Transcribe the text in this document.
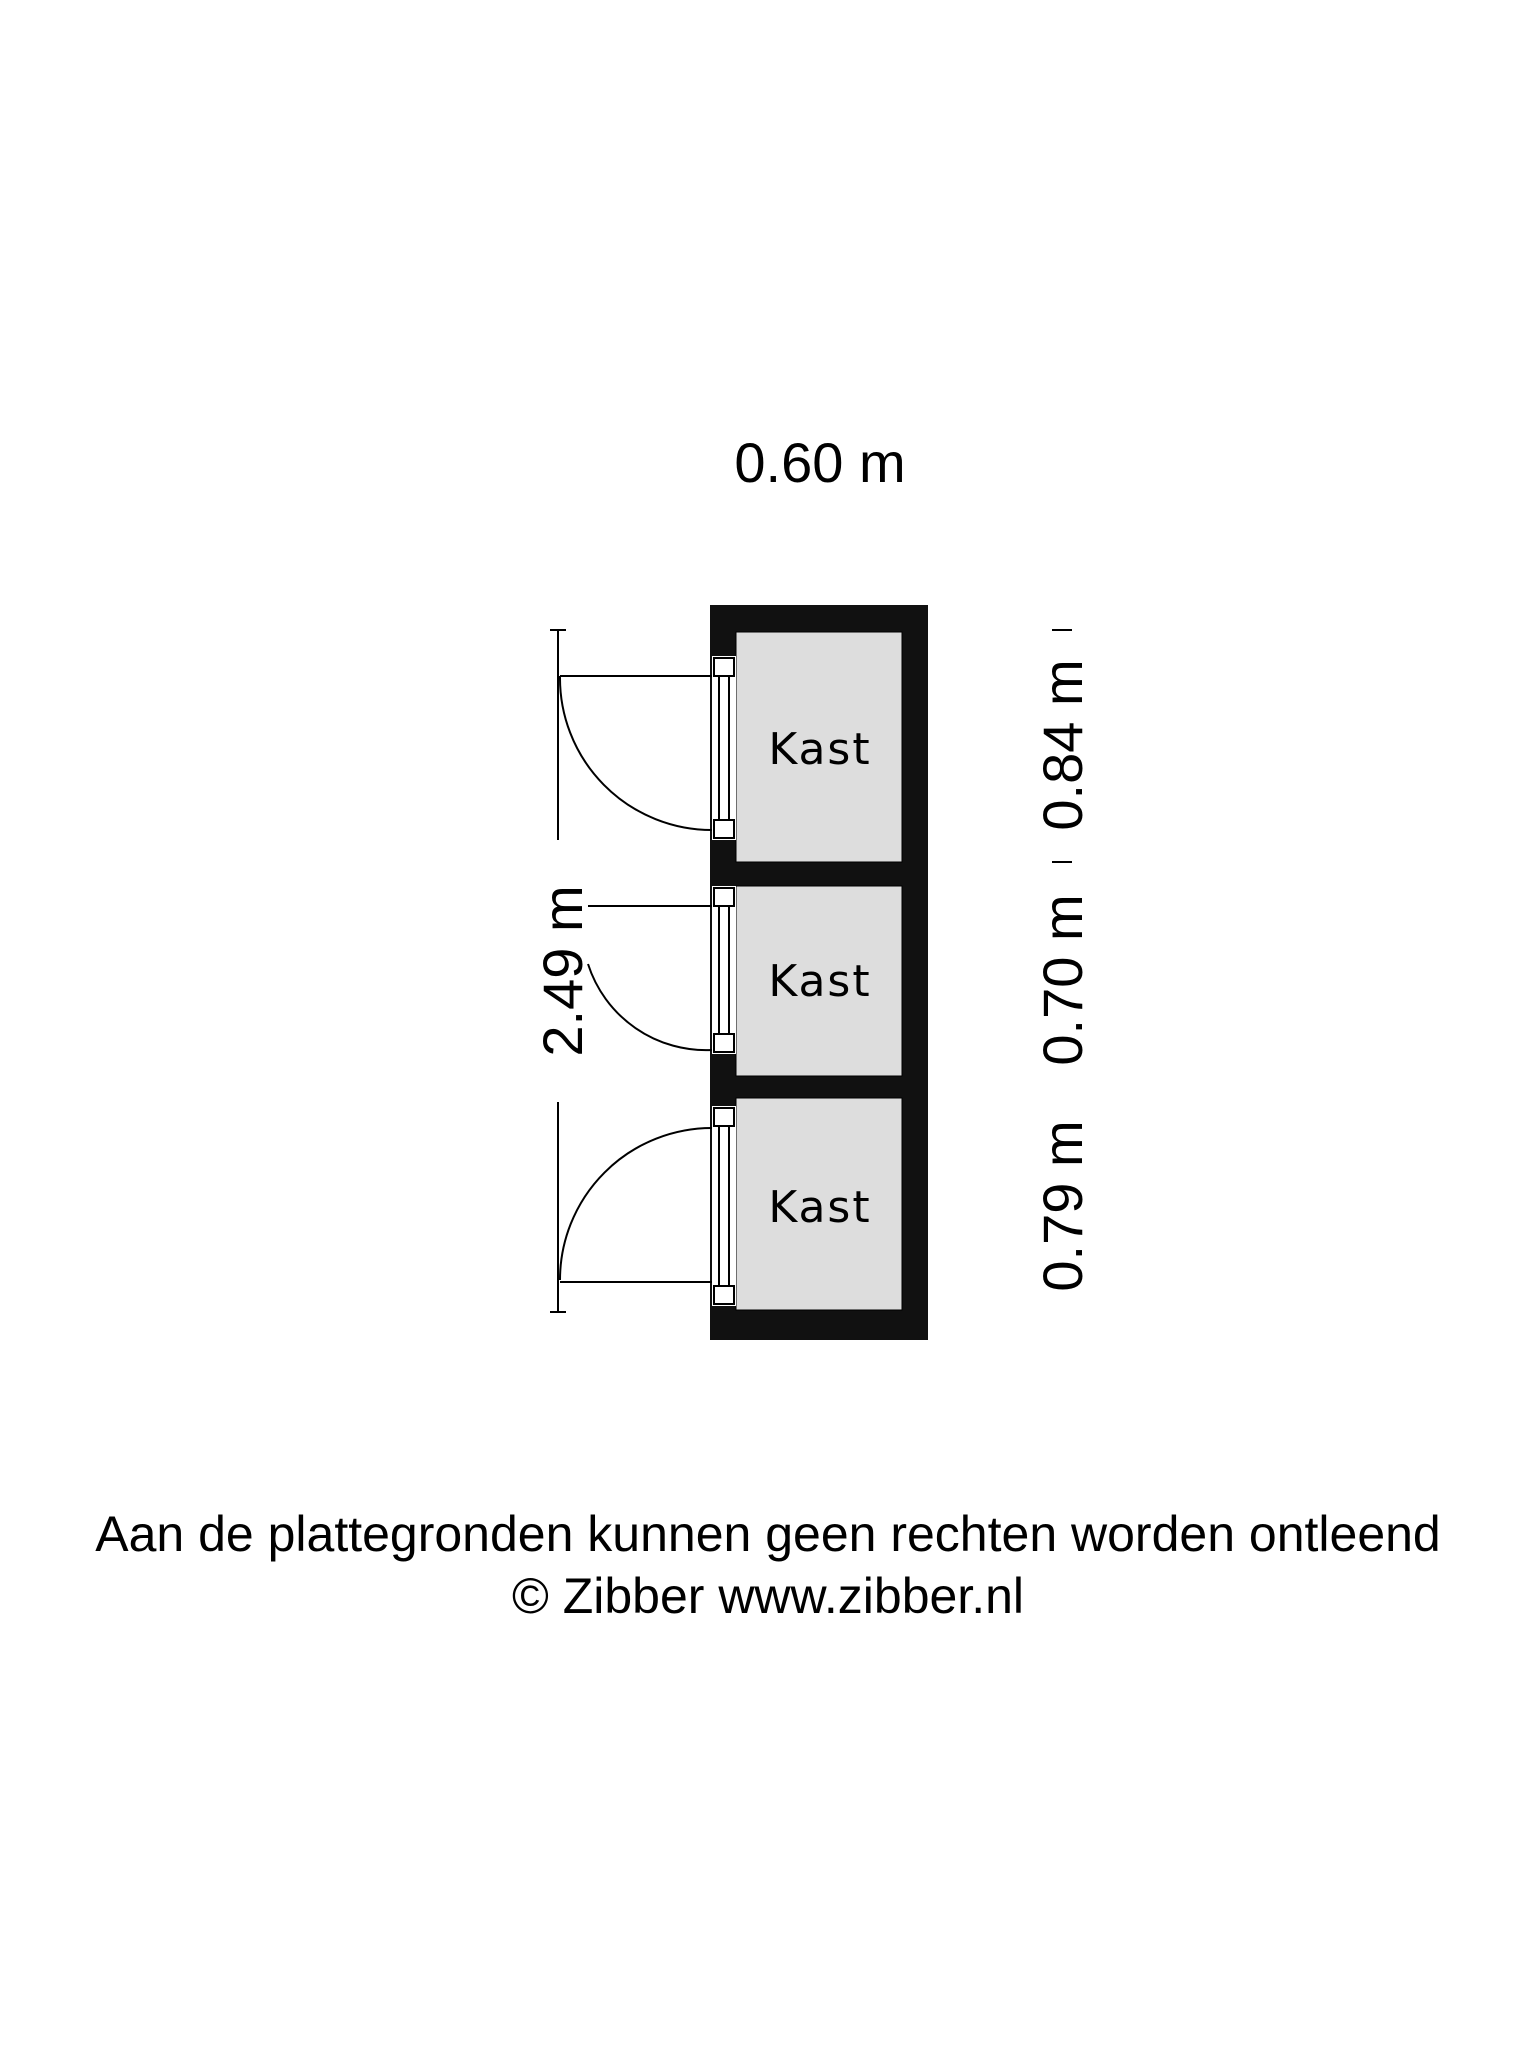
0.60 m
2.49 m
0.84 m
0.70 m
0.79 m
Kast
Kast
Kast
Aan de plattegronden kunnen geen rechten worden ontleend
© Zibber www.zibber.nl
